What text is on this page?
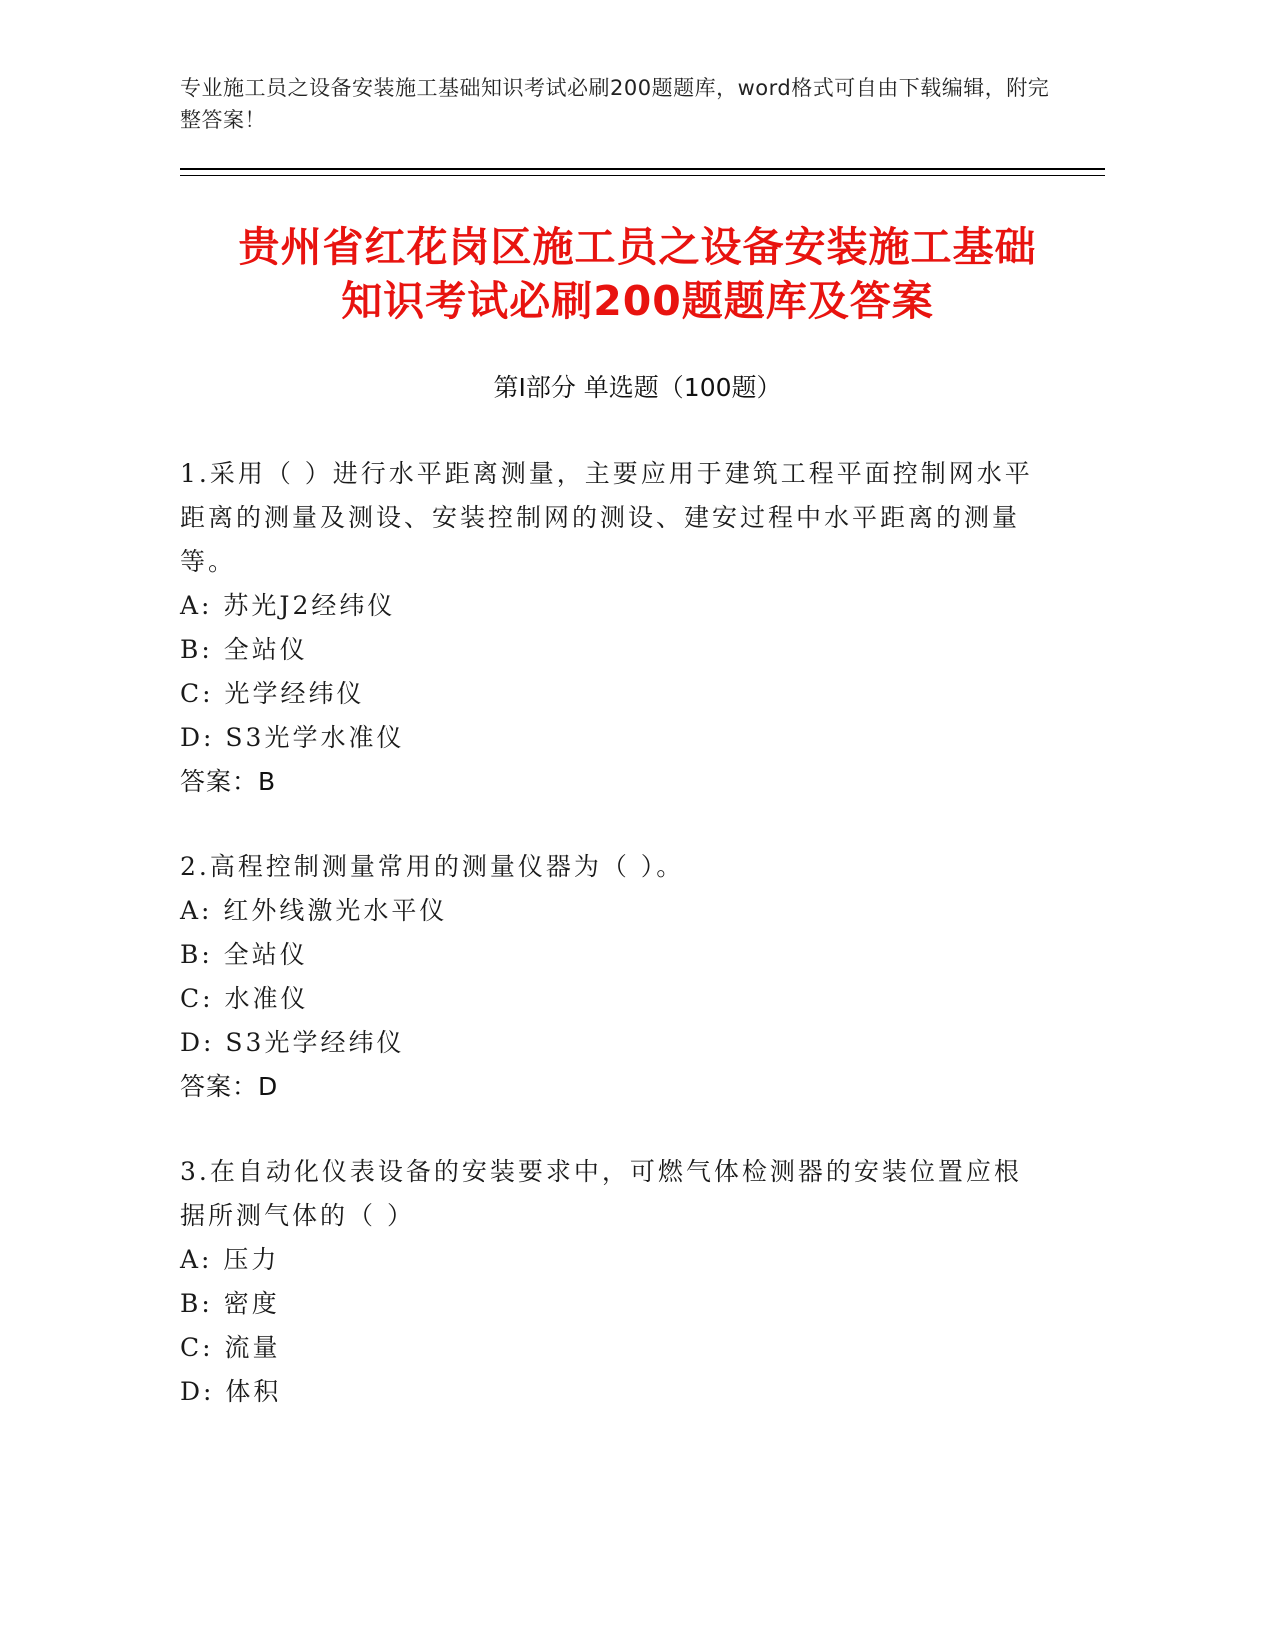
专业施工员之设备安装施工基础知识考试必刷200题题库，word格式可自由下载编辑，附完整答案！
贵州省红花岗区施工员之设备安装施工基础
知识考试必刷200题题库及答案
第I部分 单选题（100题）

1.采用（ ）进行水平距离测量，主要应用于建筑工程平面控制网水平距离的测量及测设、安装控制网的测设、建安过程中水平距离的测量等。

A: 苏光J2经纬仪

B: 全站仪

C: 光学经纬仪

D: S3光学水准仪

答案：B

2.高程控制测量常用的测量仪器为（ ）。

A: 红外线激光水平仪

B: 全站仪

C: 水准仪

D: S3光学经纬仪

答案：D

3.在自动化仪表设备的安装要求中，可燃气体检测器的安装位置应根据所测气体的（ ）

A: 压力

B: 密度

C: 流量

D: 体积
